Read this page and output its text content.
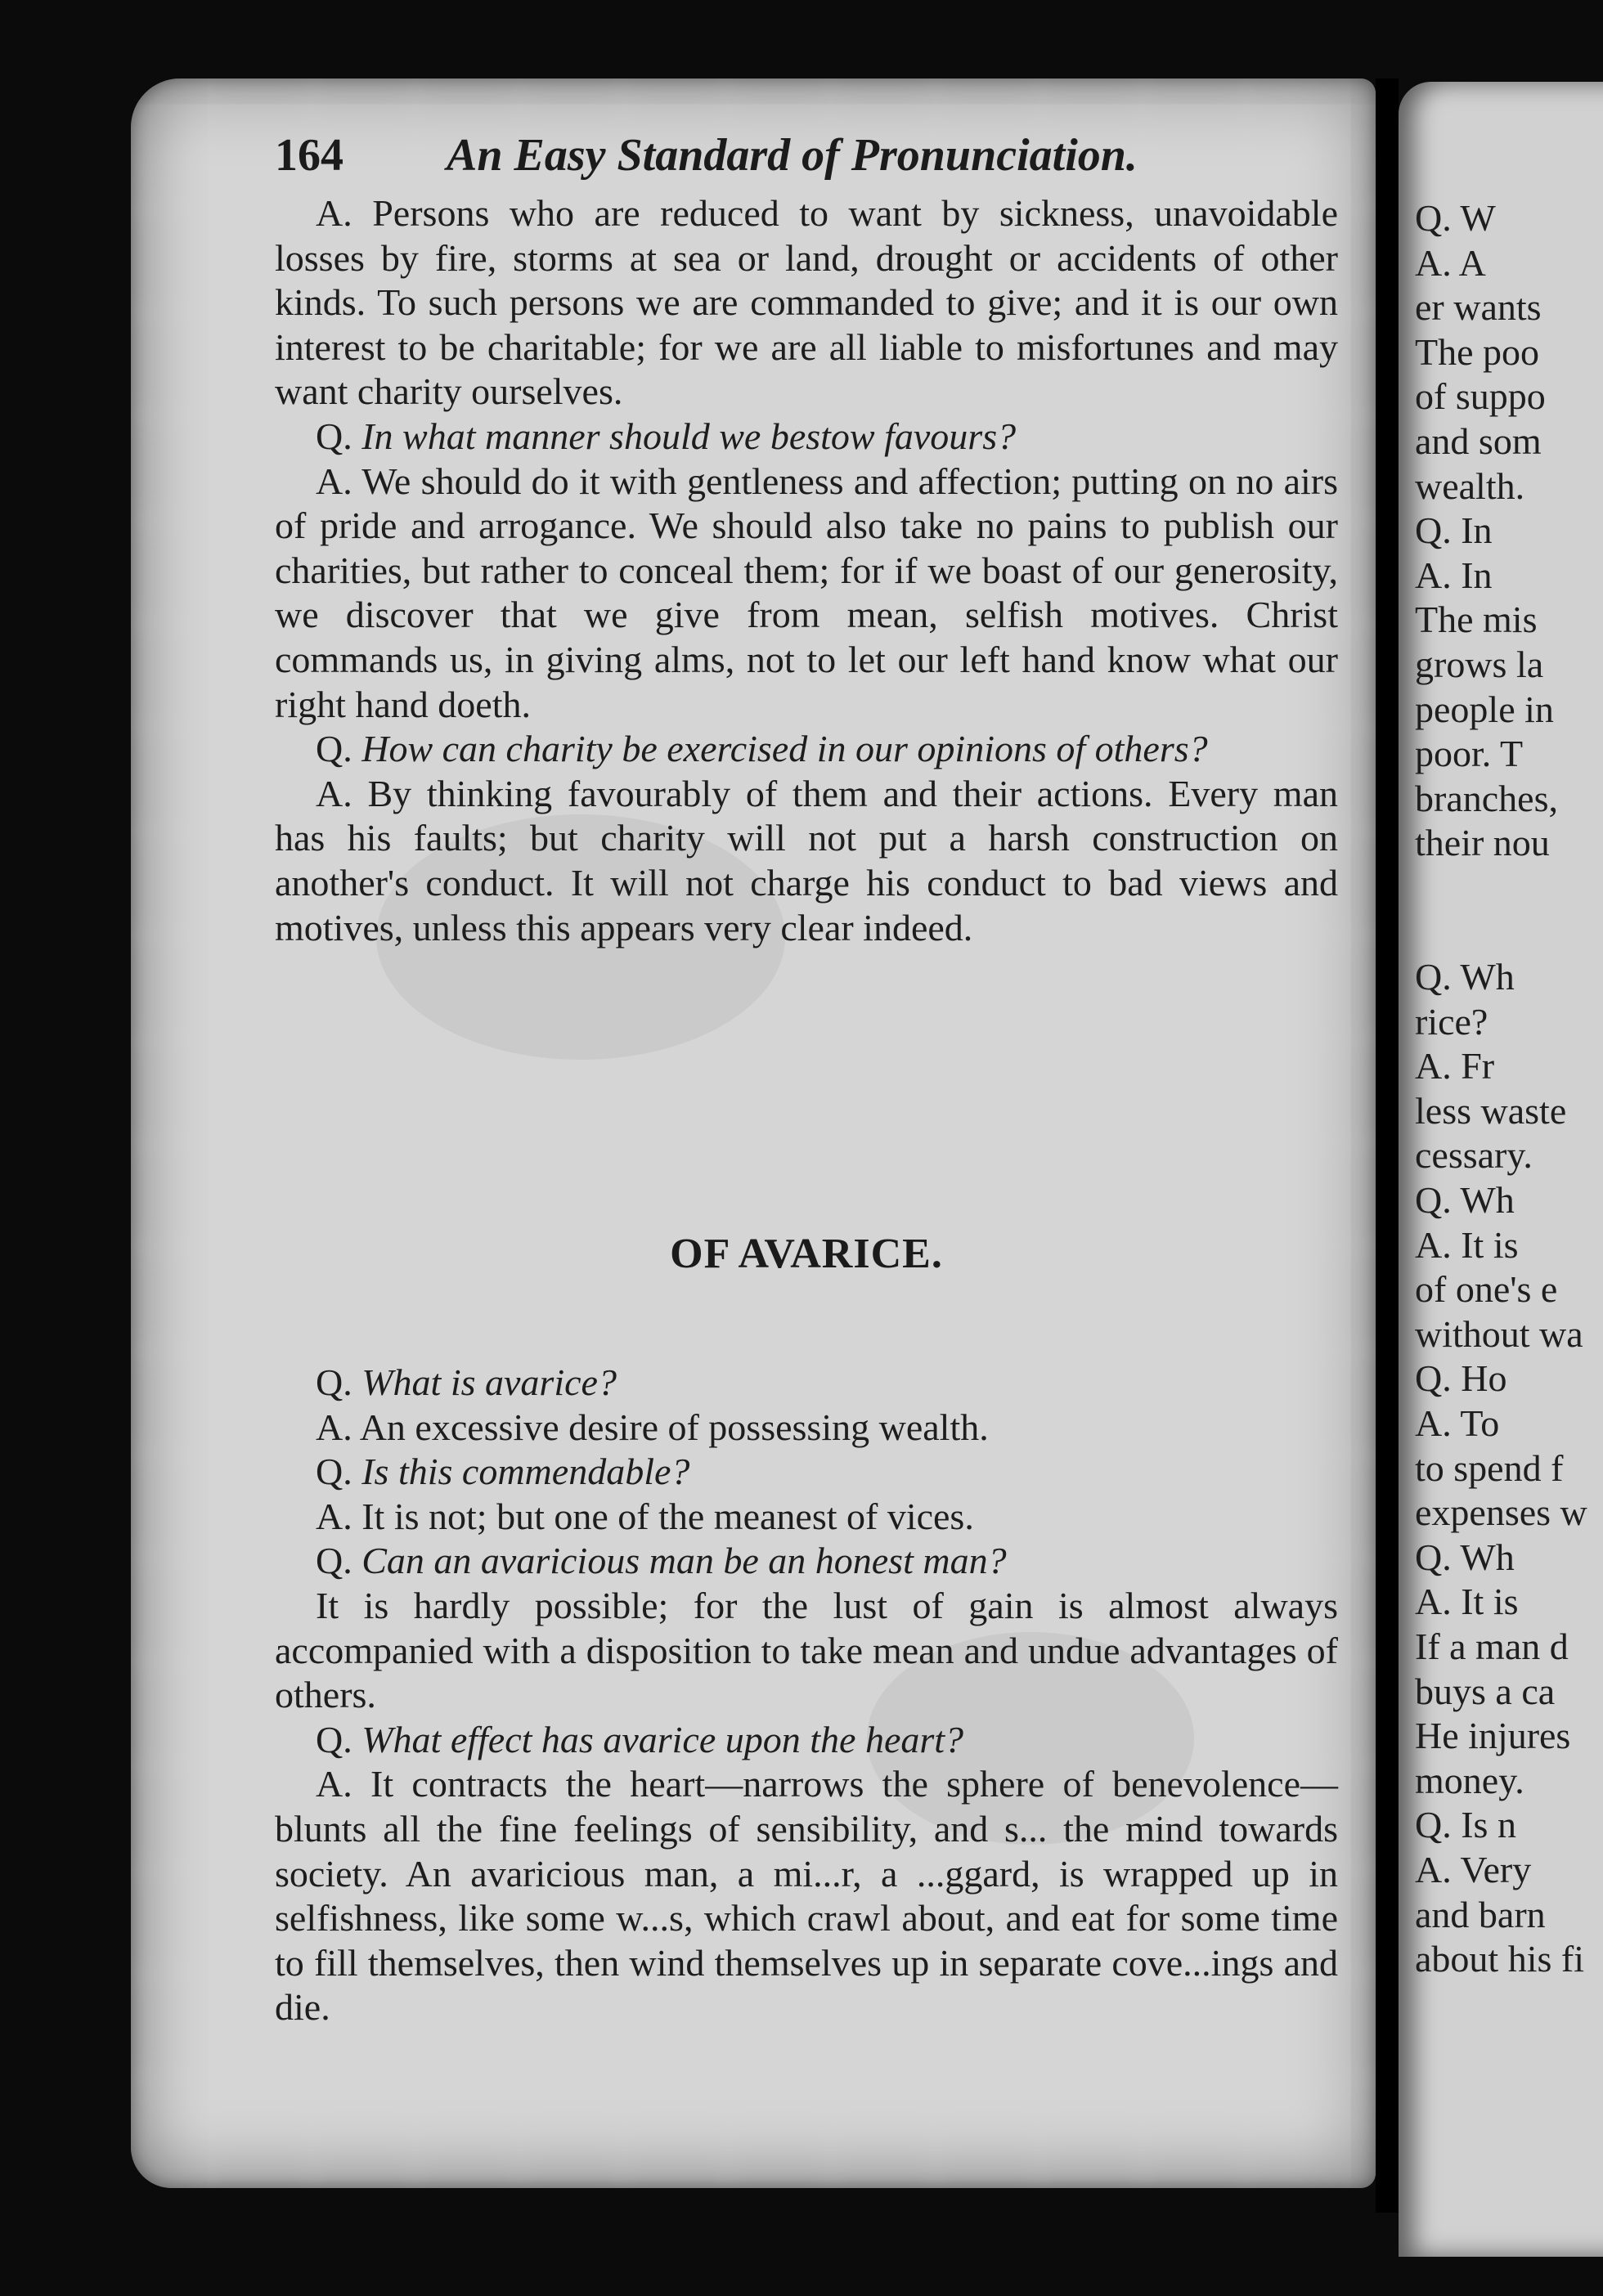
164 An Easy Standard of Pronunciation.

A. Persons who are reduced to want by sickness, unavoidable losses by fire, storms at sea or land, drought or accidents of other kinds. To such persons we are commanded to give; and it is our own interest to be charitable; for we are all liable to misfortunes and may want charity ourselves.

Q. In what manner should we bestow favours?

A. We should do it with gentleness and affection; putting on no airs of pride and arrogance. We should also take no pains to publish our charities, but rather to conceal them; for if we boast of our generosity, we discover that we give from mean, selfish motives. Christ commands us, in giving alms, not to let our left hand know what our right hand doeth.

Q. How can charity be exercised in our opinions of others?

A. By thinking favourably of them and their actions. Every man has his faults; but charity will not put a harsh construction on another's conduct. It will not charge his conduct to bad views and motives, unless this appears very clear indeed.

OF AVARICE.

Q. What is avarice?

A. An excessive desire of possessing wealth.

Q. Is this commendable?

A. It is not; but one of the meanest of vices.

Q. Can an avaricious man be an honest man?

It is hardly possible; for the lust of gain is almost always accompanied with a disposition to take mean and undue advantages of others.

Q. What effect has avarice upon the heart?

A. It contracts the heart—narrows the sphere of benevolence—blunts all the fine feelings of sensibility, and s... the mind towards society. An avaricious man, a mi...r, a ...ggard, is wrapped up in selfishness, like some w...s, which crawl about, and eat for some time to fill themselves, then wind themselves up in separate cove...ings and die.

Q. W
A. A
er wants
The poo
of suppo
and som
wealth.
Q. In
A. In
The mis
grows la
people in
poor. T
branches,
their nou
Q. Wh
rice?
A. Fr
less waste
cessary.
Q. Wh
A. It is
of one's e
without wa
Q. Ho
A. To
to spend f
expenses w
Q. Wh
A. It is
If a man d
buys a ca
He injures
money.
Q. Is n
A. Very
and barn
about his fi
